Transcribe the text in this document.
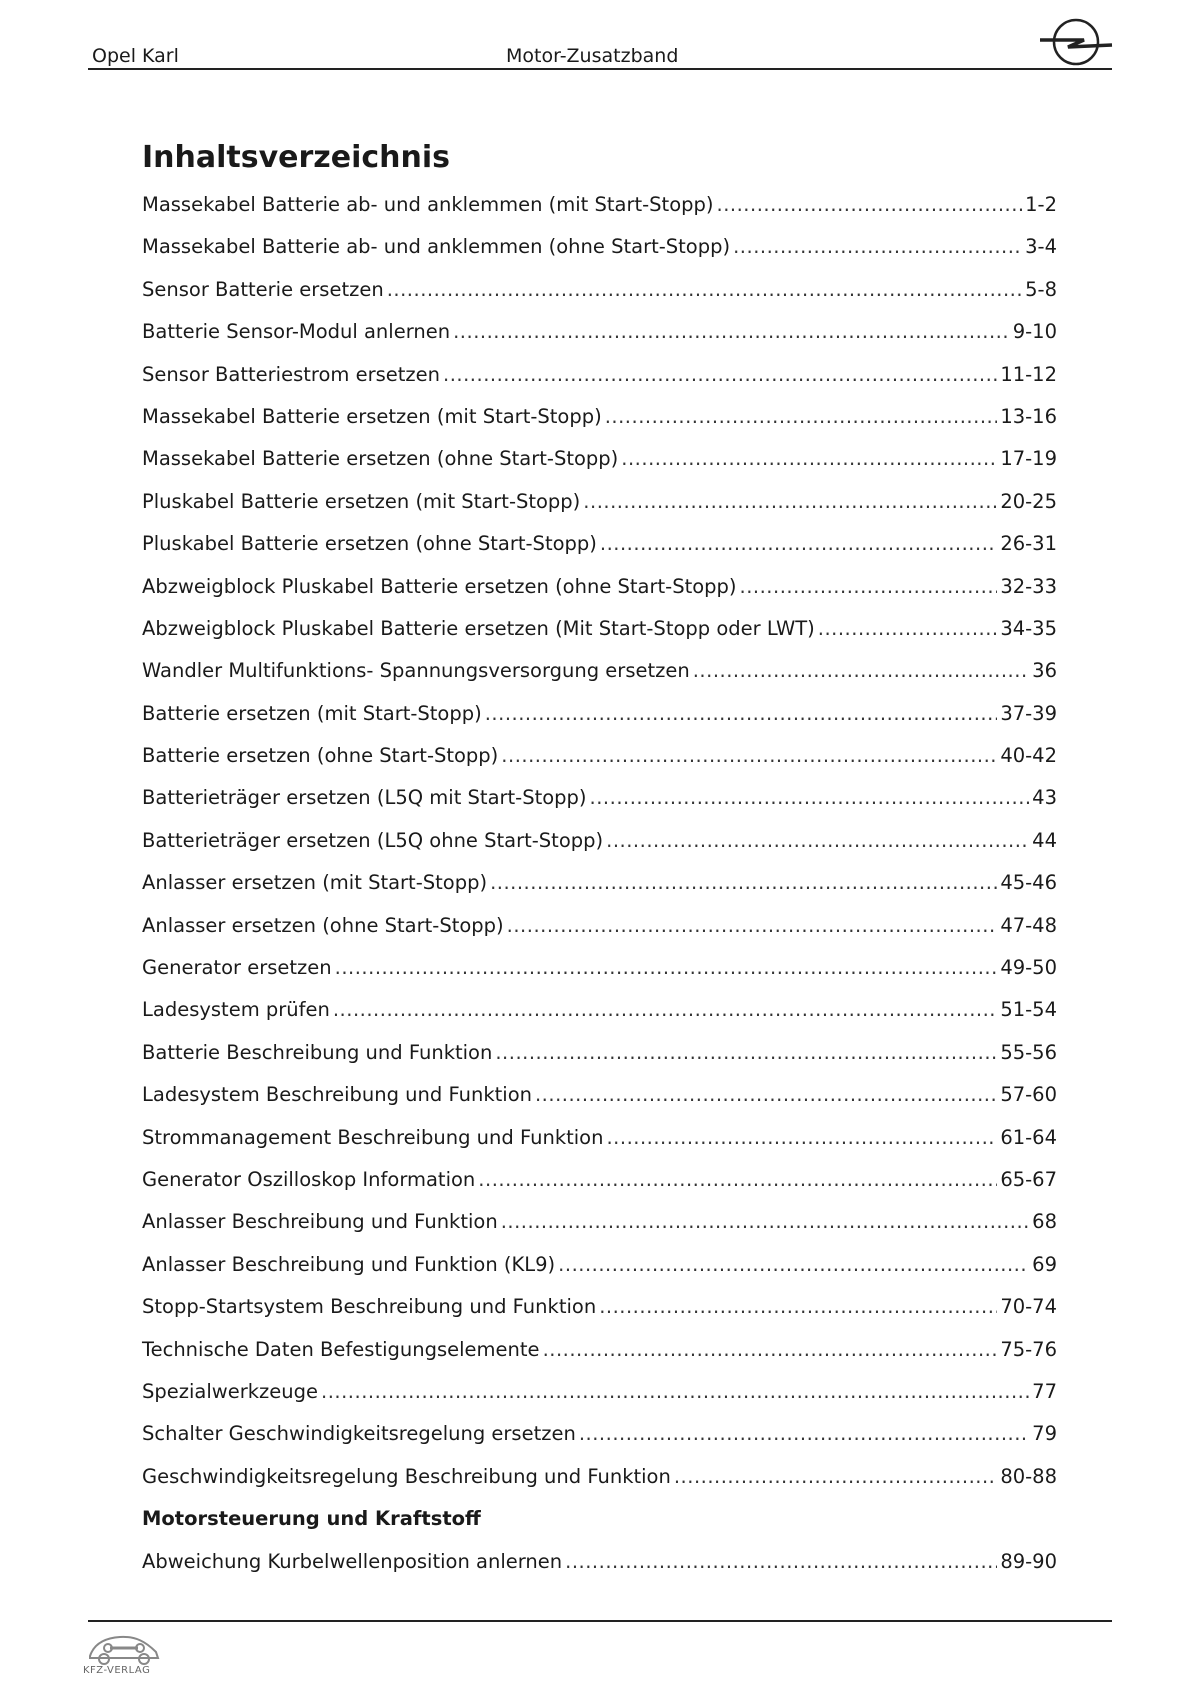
Opel Karl	Motor-Zusatzband
Inhaltsverzeichnis
Massekabel Batterie ab- und anklemmen (mit Start-Stopp) .....	1-2
Massekabel Batterie ab- und anklemmen (ohne Start-Stopp) .....	3-4
Sensor Batterie ersetzen .....	5-8
Batterie Sensor-Modul anlernen .....	9-10
Sensor Batteriestrom ersetzen .....	11-12
Massekabel Batterie ersetzen (mit Start-Stopp) .....	13-16
Massekabel Batterie ersetzen (ohne Start-Stopp) .....	17-19
Pluskabel Batterie ersetzen (mit Start-Stopp) .....	20-25
Pluskabel Batterie ersetzen (ohne Start-Stopp) .....	26-31
Abzweigblock Pluskabel Batterie ersetzen (ohne Start-Stopp) .....	32-33
Abzweigblock Pluskabel Batterie ersetzen (Mit Start-Stopp oder LWT) .....	34-35
Wandler Multifunktions- Spannungsversorgung ersetzen .....	36
Batterie ersetzen (mit Start-Stopp) .....	37-39
Batterie ersetzen (ohne Start-Stopp) .....	40-42
Batterieträger ersetzen (L5Q mit Start-Stopp) .....	43
Batterieträger ersetzen (L5Q ohne Start-Stopp) .....	44
Anlasser ersetzen (mit Start-Stopp) .....	45-46
Anlasser ersetzen (ohne Start-Stopp) .....	47-48
Generator ersetzen .....	49-50
Ladesystem prüfen .....	51-54
Batterie Beschreibung und Funktion .....	55-56
Ladesystem Beschreibung und Funktion .....	57-60
Strommanagement Beschreibung und Funktion .....	61-64
Generator Oszilloskop Information .....	65-67
Anlasser Beschreibung und Funktion .....	68
Anlasser Beschreibung und Funktion (KL9) .....	69
Stopp-Startsystem Beschreibung und Funktion .....	70-74
Technische Daten Befestigungselemente .....	75-76
Spezialwerkzeuge .....	77
Schalter Geschwindigkeitsregelung ersetzen .....	79
Geschwindigkeitsregelung Beschreibung und Funktion .....	80-88
Motorsteuerung und Kraftstoff
Abweichung Kurbelwellenposition anlernen .....	89-90
KFZ-VERLAG
